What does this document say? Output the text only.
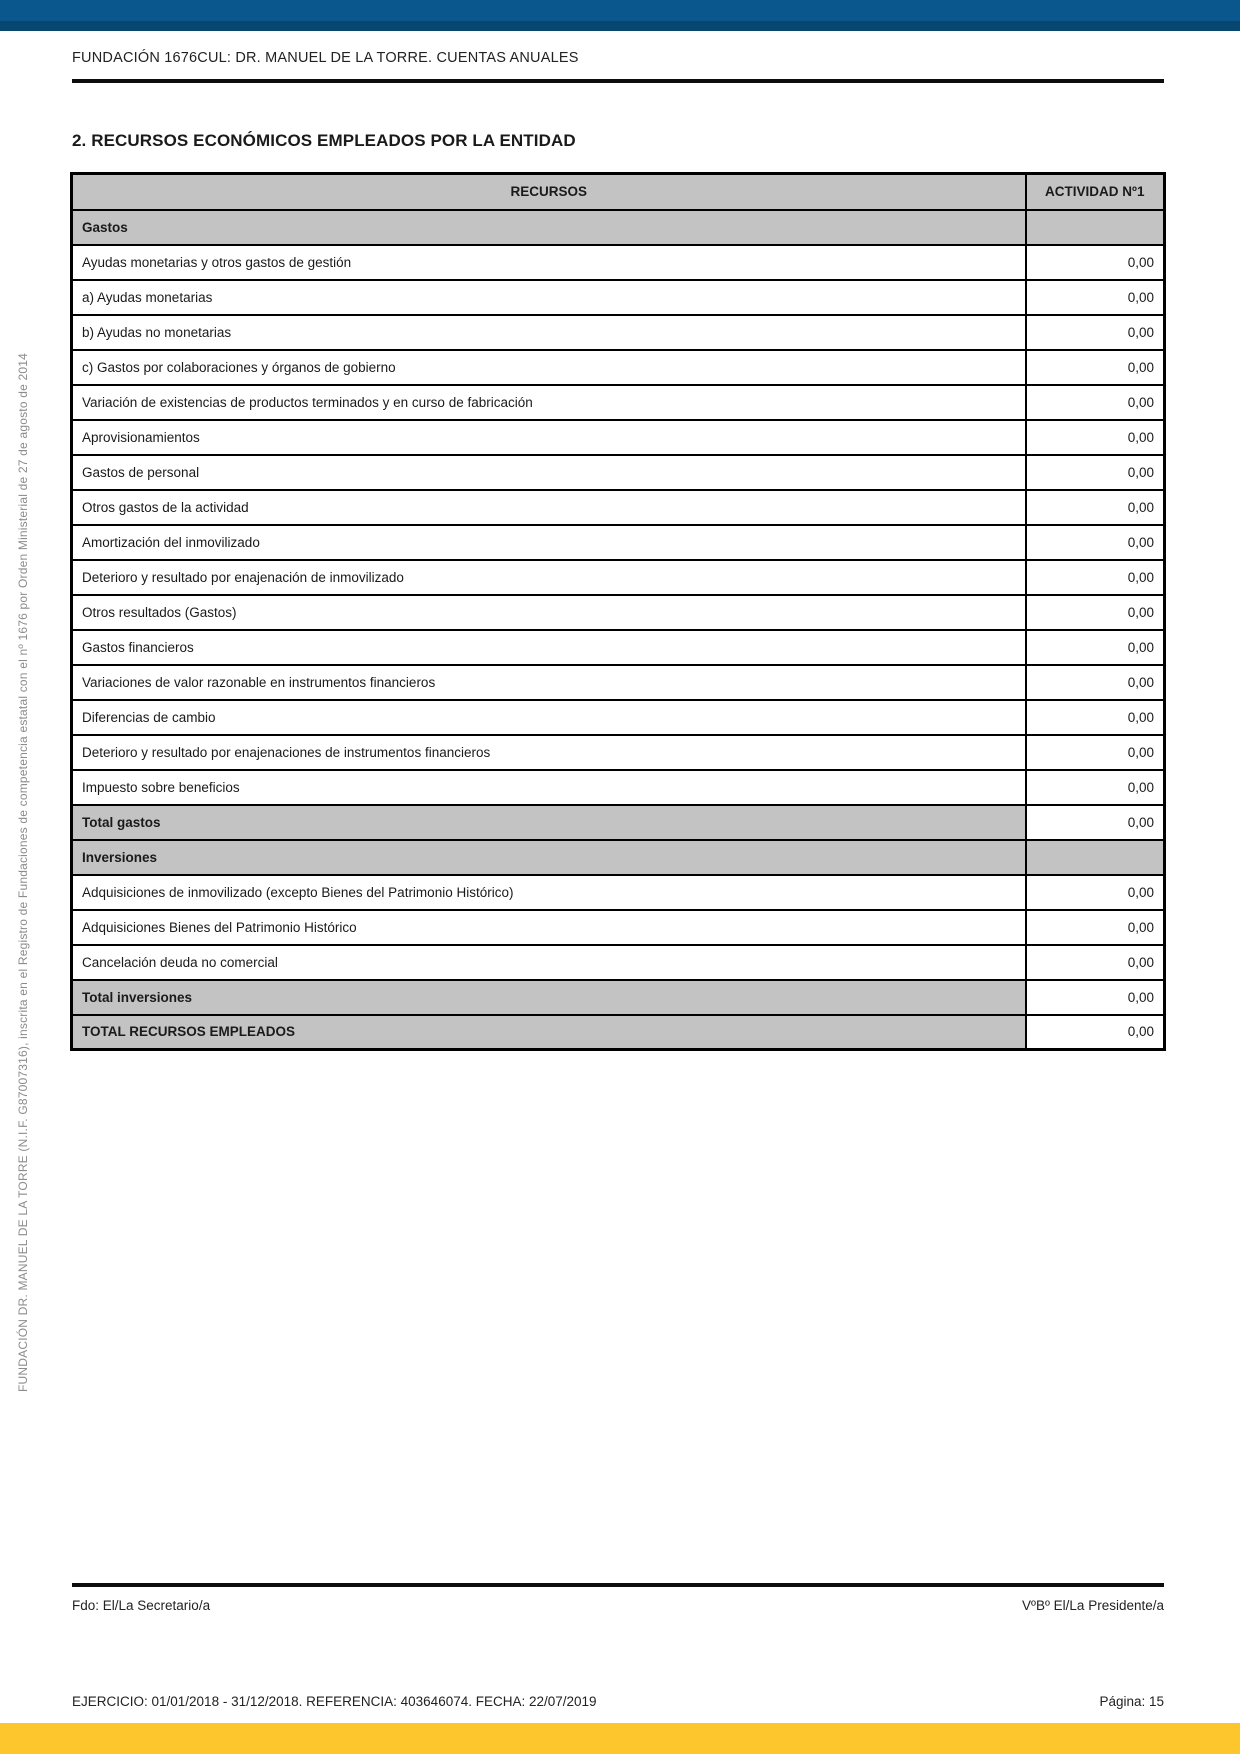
FUNDACIÓN DR. MANUEL DE LA TORRE (N.I.F. G87007316), inscrita en el Registro de Fundaciones de competencia estatal con el nº 1676 por Orden Ministerial de 27 de agosto de 2014
FUNDACIÓN 1676CUL: DR. MANUEL DE LA TORRE. CUENTAS ANUALES
2. RECURSOS ECONÓMICOS EMPLEADOS POR LA ENTIDAD
RECURSOS	ACTIVIDAD Nº1
Gastos	
Ayudas monetarias y otros gastos de gestión	0,00
a) Ayudas monetarias	0,00
b) Ayudas no monetarias	0,00
c) Gastos por colaboraciones y órganos de gobierno	0,00
Variación de existencias de productos terminados y en curso de fabricación	0,00
Aprovisionamientos	0,00
Gastos de personal	0,00
Otros gastos de la actividad	0,00
Amortización del inmovilizado	0,00
Deterioro y resultado por enajenación de inmovilizado	0,00
Otros resultados (Gastos)	0,00
Gastos financieros	0,00
Variaciones de valor razonable en instrumentos financieros	0,00
Diferencias de cambio	0,00
Deterioro y resultado por enajenaciones de instrumentos financieros	0,00
Impuesto sobre beneficios	0,00
Total gastos	0,00
Inversiones	
Adquisiciones de inmovilizado (excepto Bienes del Patrimonio Histórico)	0,00
Adquisiciones Bienes del Patrimonio Histórico	0,00
Cancelación deuda no comercial	0,00
Total inversiones	0,00
TOTAL RECURSOS EMPLEADOS	0,00
Fdo: El/La Secretario/a	VºBº El/La Presidente/a
EJERCICIO: 01/01/2018 - 31/12/2018. REFERENCIA: 403646074. FECHA: 22/07/2019	Página: 15
